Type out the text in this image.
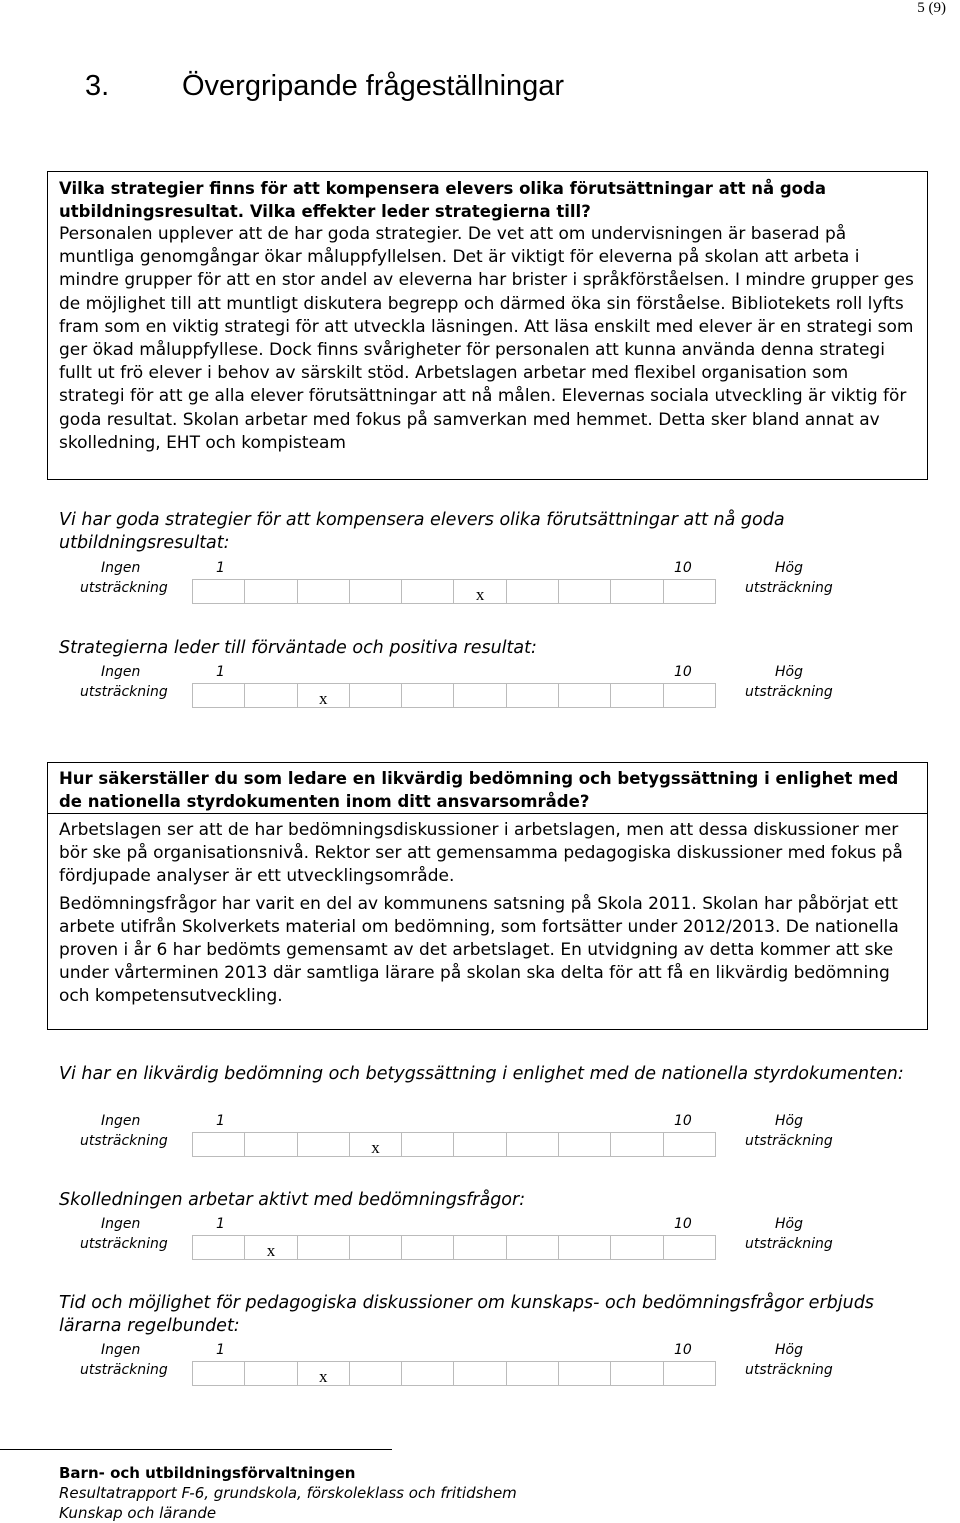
5 (9)
3.	Övergripande frågeställningar
Vilka strategier finns för att kompensera elevers olika förutsättningar att nå goda utbildningsresultat. Vilka effekter leder strategierna till?
Personalen upplever att de har goda strategier. De vet att om undervisningen är baserad på muntliga genomgångar ökar måluppfyllelsen. Det är viktigt för eleverna på skolan att arbeta i mindre grupper för att en stor andel av eleverna har brister i språkförståelsen. I mindre grupper ges de möjlighet till att muntligt diskutera begrepp och därmed öka sin förståelse. Bibliotekets roll lyfts fram som en viktig strategi för att utveckla läsningen. Att läsa enskilt med elever är en strategi som ger ökad måluppfyllese. Dock finns svårigheter för personalen att kunna använda denna strategi fullt ut frö elever i behov av särskilt stöd. Arbetslagen arbetar med flexibel organisation som strategi för att ge alla elever förutsättningar att nå målen. Elevernas sociala utveckling är viktig för goda resultat. Skolan arbetar med fokus på samverkan med hemmet. Detta sker bland annat av skolledning, EHT och kompisteam
Vi har goda strategier för att kompensera elevers olika förutsättningar att nå goda utbildningsresultat:
Ingen
utsträckning
1	10	Hög
utsträckning
x
Strategierna leder till förväntade och positiva resultat:
Ingen
utsträckning
1	10	Hög
utsträckning
x
Hur säkerställer du som ledare en likvärdig bedömning och betygssättning i enlighet med de nationella styrdokumenten inom ditt ansvarsområde?

Arbetslagen ser att de har bedömningsdiskussioner i arbetslagen, men att dessa diskussioner mer bör ske på organisationsnivå. Rektor ser att gemensamma pedagogiska diskussioner med fokus på fördjupade analyser är ett utvecklingsområde.

Bedömningsfrågor har varit en del av kommunens satsning på Skola 2011. Skolan har påbörjat ett arbete utifrån Skolverkets material om bedömning, som fortsätter under 2012/2013. De nationella proven i år 6 har bedömts gemensamt av det arbetslaget. En utvidgning av detta kommer att ske under vårterminen 2013 där samtliga lärare på skolan ska delta för att få en likvärdig bedömning och kompetensutveckling.

Vi har en likvärdig bedömning och betygssättning i enlighet med de nationella styrdokumenten:
Ingen
utsträckning
1	10	Hög
utsträckning
x
Skolledningen arbetar aktivt med bedömningsfrågor:
Ingen
utsträckning
1	10	Hög
utsträckning
x
Tid och möjlighet för pedagogiska diskussioner om kunskaps- och bedömningsfrågor erbjuds lärarna regelbundet:
Ingen
utsträckning
1	10	Hög
utsträckning
x
Barn- och utbildningsförvaltningen
Resultatrapport F-6, grundskola, förskoleklass och fritidshem
Kunskap och lärande
